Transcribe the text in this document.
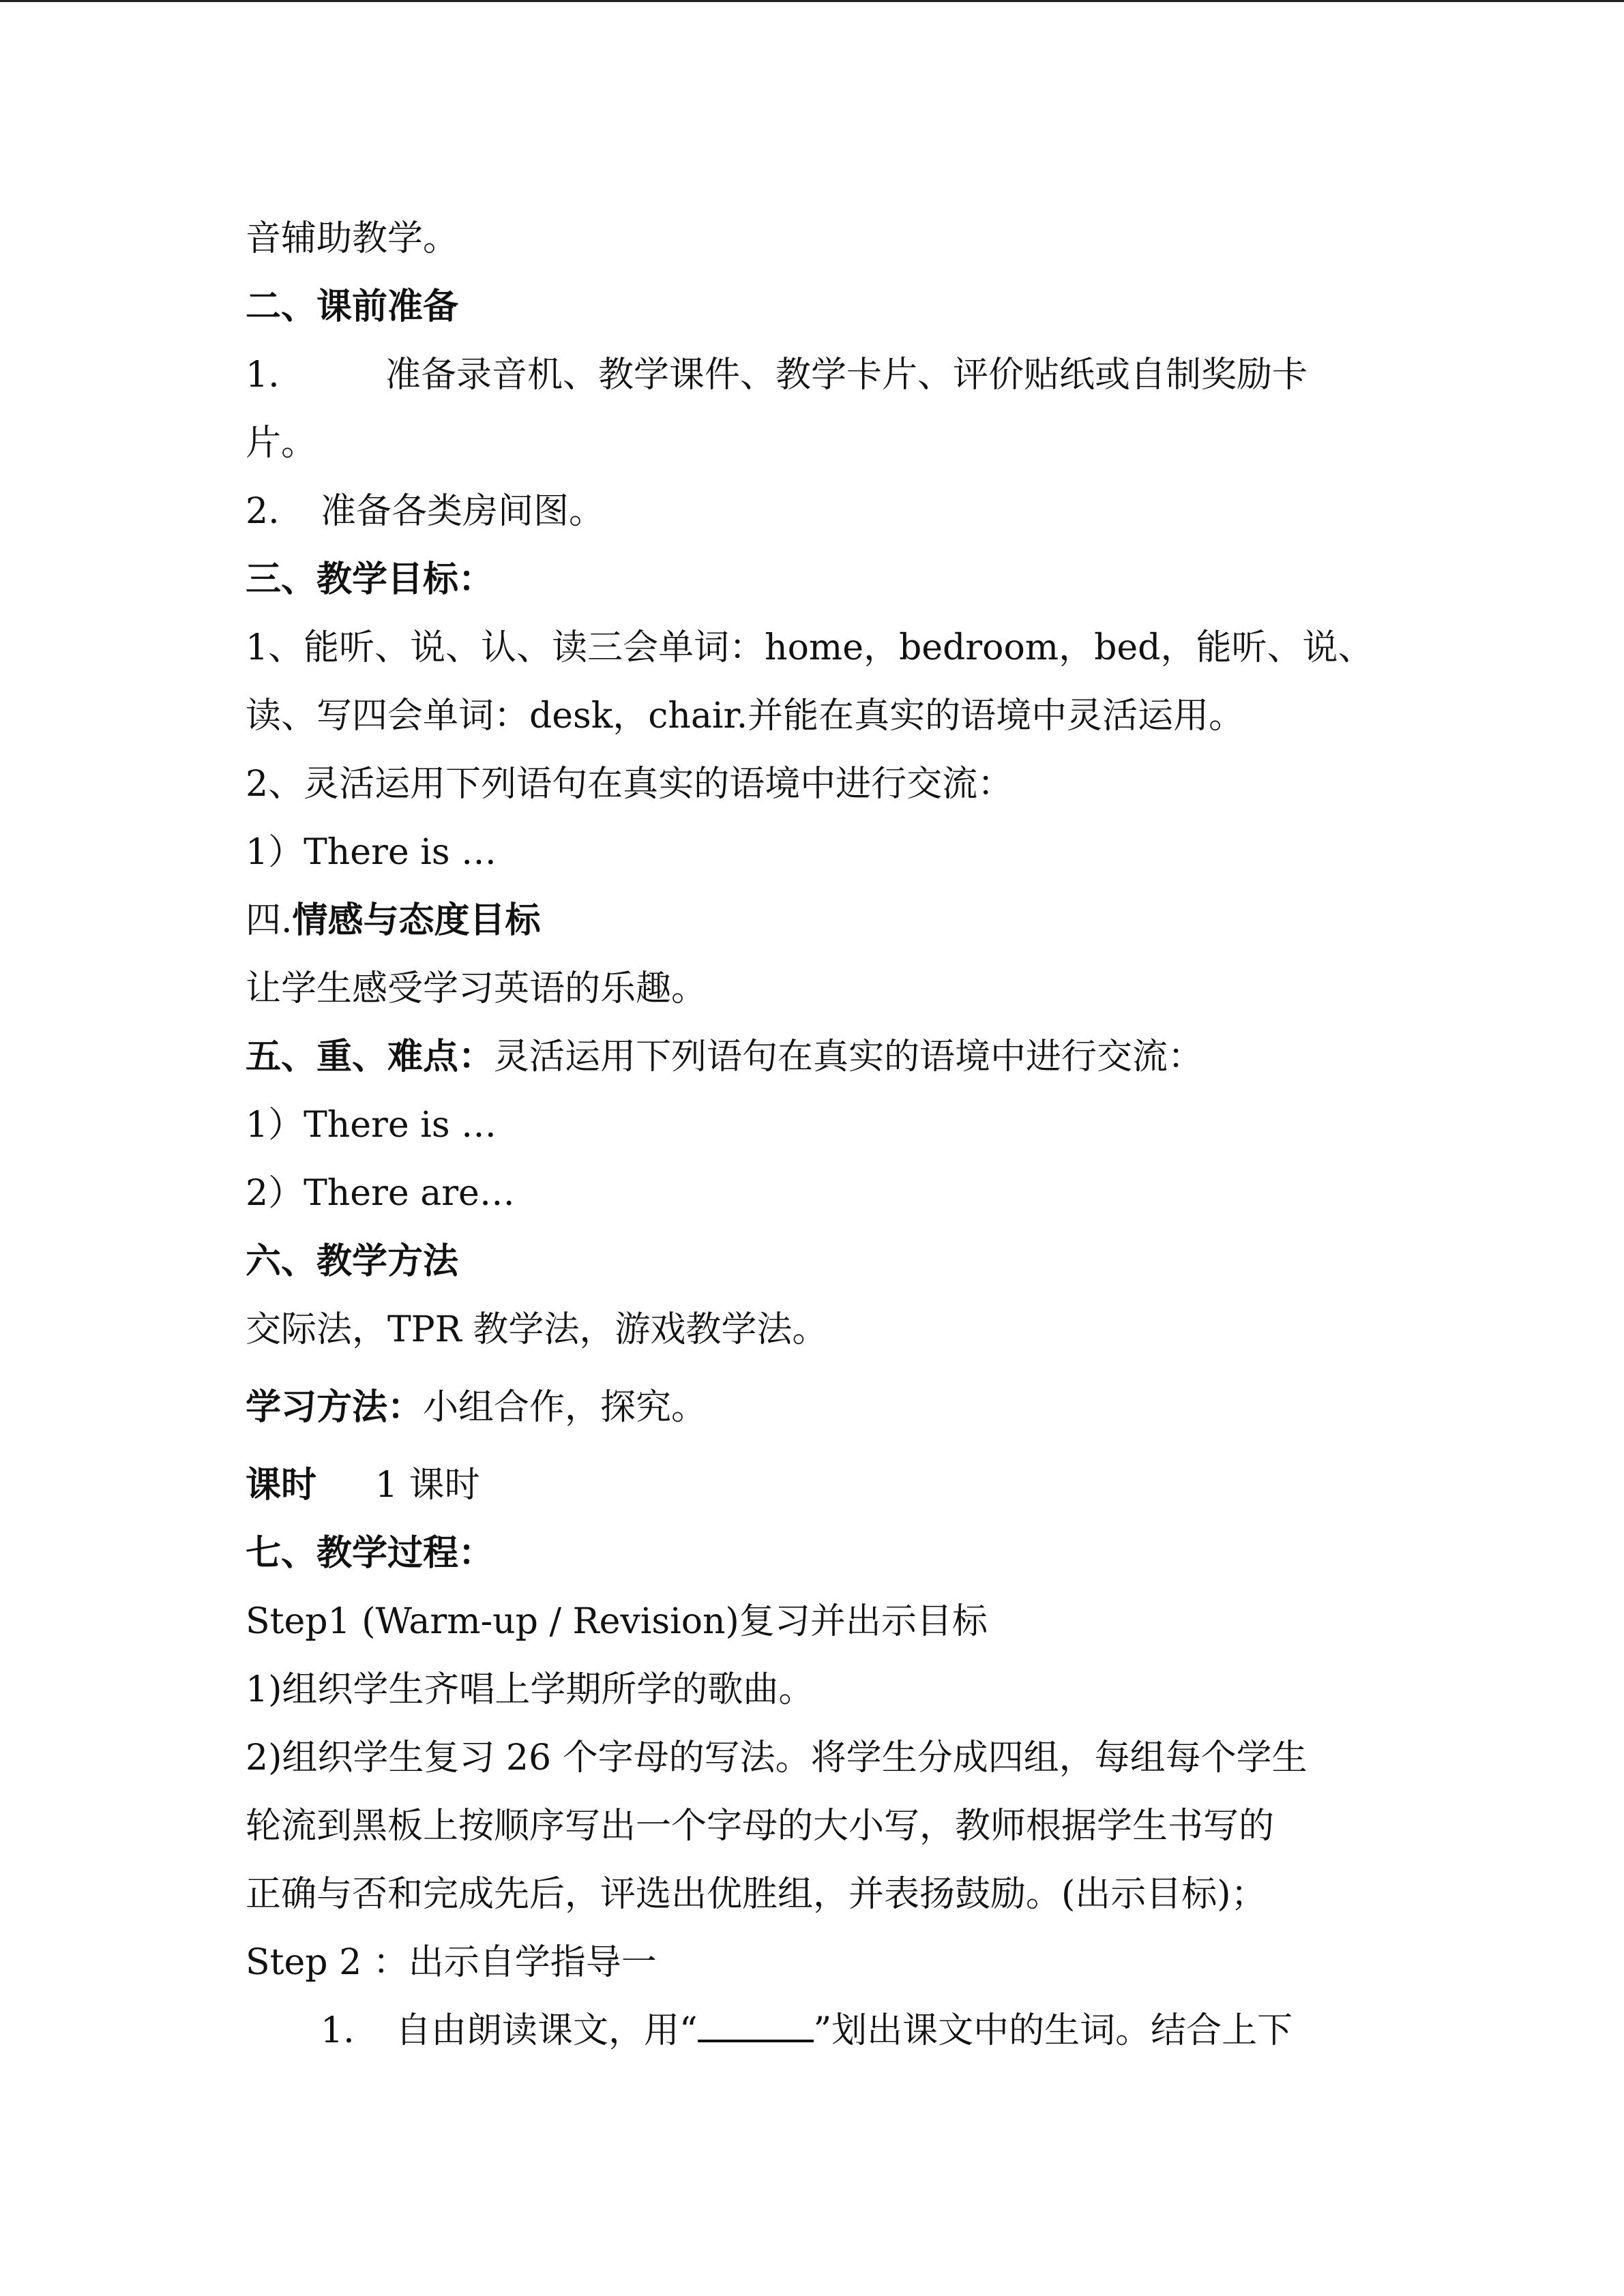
音辅助教学。
二、课前准备
1.	准备录音机、教学课件、教学卡片、评价贴纸或自制奖励卡
片。
2. 准备各类房间图。
三、教学目标：
1、能听、说、认、读三会单词：home，bedroom，bed，能听、说、
读、写四会单词：desk，chair.并能在真实的语境中灵活运用。
2、灵活运用下列语句在真实的语境中进行交流：
1）There is …
四.情感与态度目标
让学生感受学习英语的乐趣。
五、重、难点：灵活运用下列语句在真实的语境中进行交流：
1）There is …
2）There are…
六、教学方法
交际法，TPR 教学法，游戏教学法。
学习方法：小组合作，探究。
课时 1 课时
七、教学过程：
Step1 (Warm-up / Revision)复习并出示目标
1)组织学生齐唱上学期所学的歌曲。
2)组织学生复习 26 个字母的写法。将学生分成四组，每组每个学生
轮流到黑板上按顺序写出一个字母的大小写，教师根据学生书写的
正确与否和完成先后，评选出优胜组，并表扬鼓励。(出示目标)；
Step 2 ：出示自学指导一
1. 自由朗读课文，用“	”划出课文中的生词。结合上下
